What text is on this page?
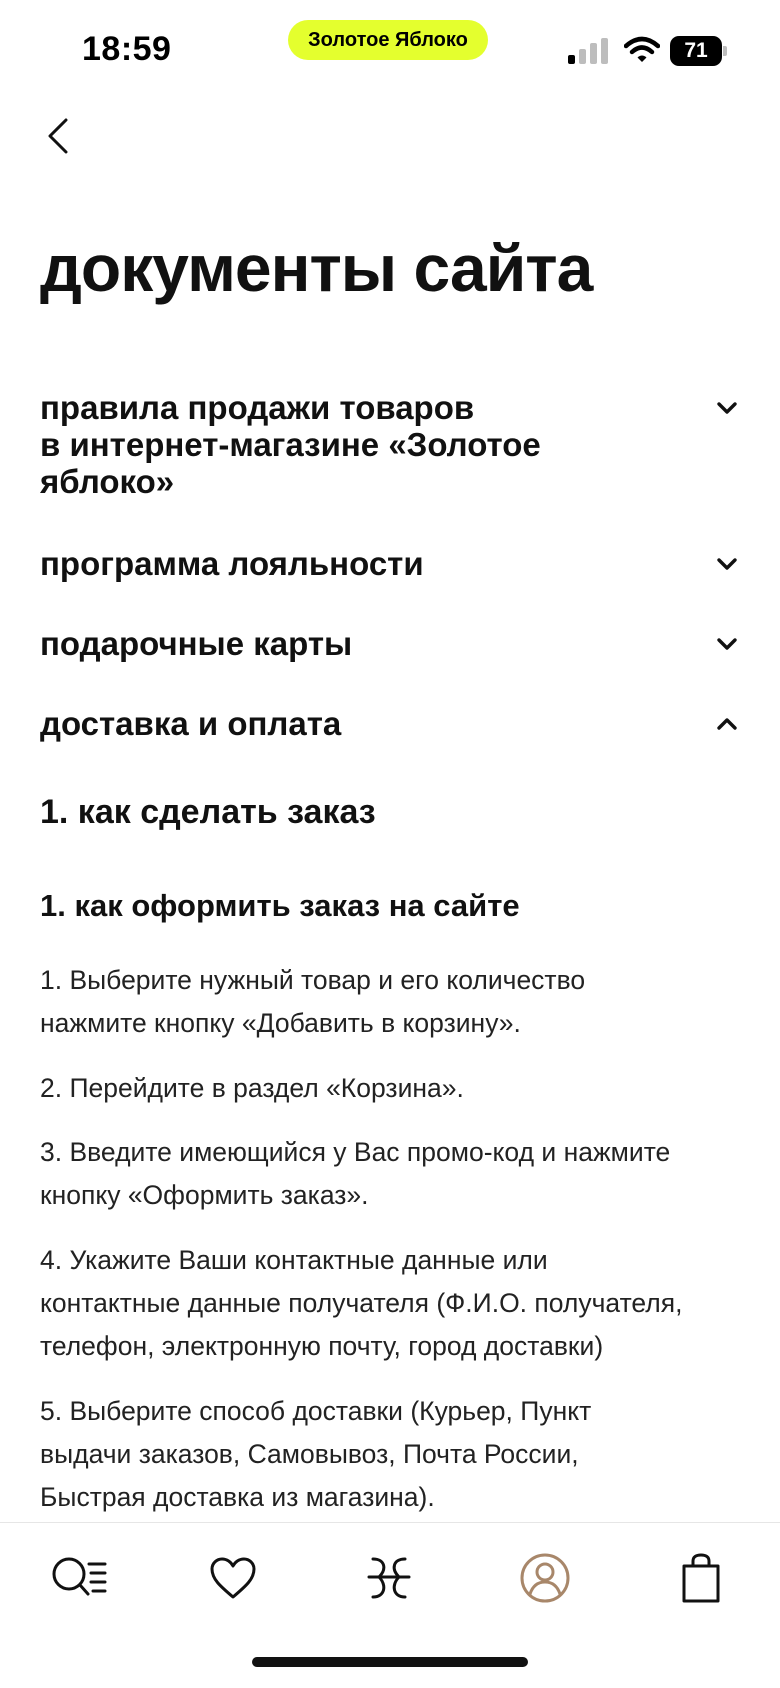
18:59	Золотое Яблоко	71
документы сайта
правила продажи товаров
в интернет-магазине «Золотое
яблоко»
программа лояльности
подарочные карты
доставка и оплата
1. как сделать заказ
1. как оформить заказ на сайте
1. Выберите нужный товар и его количество
нажмите кнопку «Добавить в корзину».
2. Перейдите в раздел «Корзина».
3. Введите имеющийся у Вас промо-код и нажмите
кнопку «Оформить заказ».
4. Укажите Ваши контактные данные или
контактные данные получателя (Ф.И.О. получателя,
телефон, электронную почту, город доставки)
5. Выберите способ доставки (Курьер, Пункт
выдачи заказов, Самовывоз, Почта России,
Быстрая доставка из магазина).
